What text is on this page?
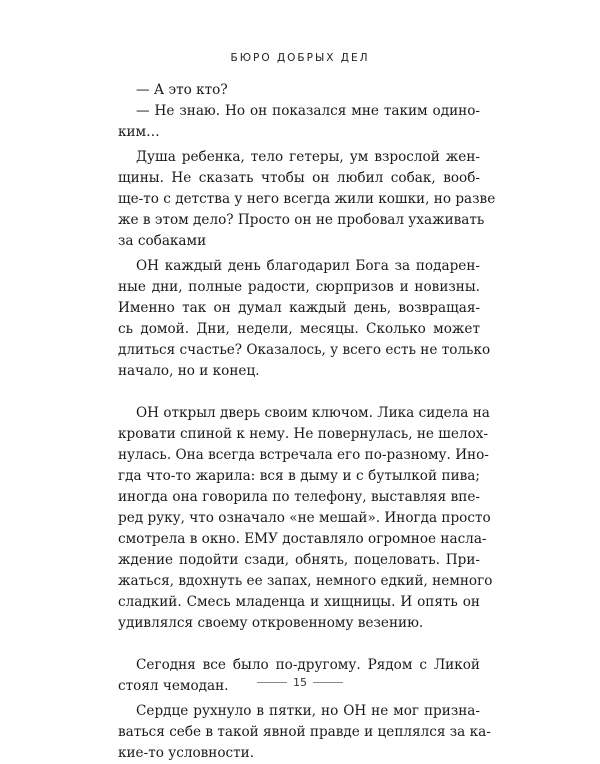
БЮРО ДОБРЫХ ДЕЛ
— А это кто?
— Не знаю. Но он показался мне таким одино-
ким…
Душа ребенка, тело гетеры, ум взрослой жен-
щины. Не сказать чтобы он любил собак, вооб-
ще-то с детства у него всегда жили кошки, но разве
же в этом дело? Просто он не пробовал ухаживать
за собаками
ОН каждый день благодарил Бога за подарен-
ные дни, полные радости, сюрпризов и новизны.
Именно так он думал каждый день, возвращая-
сь домой. Дни, недели, месяцы. Сколько может
длиться счастье? Оказалось, у всего есть не только
начало, но и конец.
ОН открыл дверь своим ключом. Лика сидела на
кровати спиной к нему. Не повернулась, не шелох-
нулась. Она всегда встречала его по-разному. Ино-
гда что-то жарила: вся в дыму и с бутылкой пива;
иногда она говорила по телефону, выставляя впе-
ред руку, что означало «не мешай». Иногда просто
смотрела в окно. ЕМУ доставляло огромное насла-
ждение подойти сзади, обнять, поцеловать. При-
жаться, вдохнуть ее запах, немного едкий, немного
сладкий. Смесь младенца и хищницы. И опять он
удивлялся своему откровенному везению.
Сегодня все было по-другому. Рядом с Ликой
стоял чемодан.
Сердце рухнуло в пятки, но ОН не мог призна-
ваться себе в такой явной правде и цеплялся за ка-
кие-то условности.
15
